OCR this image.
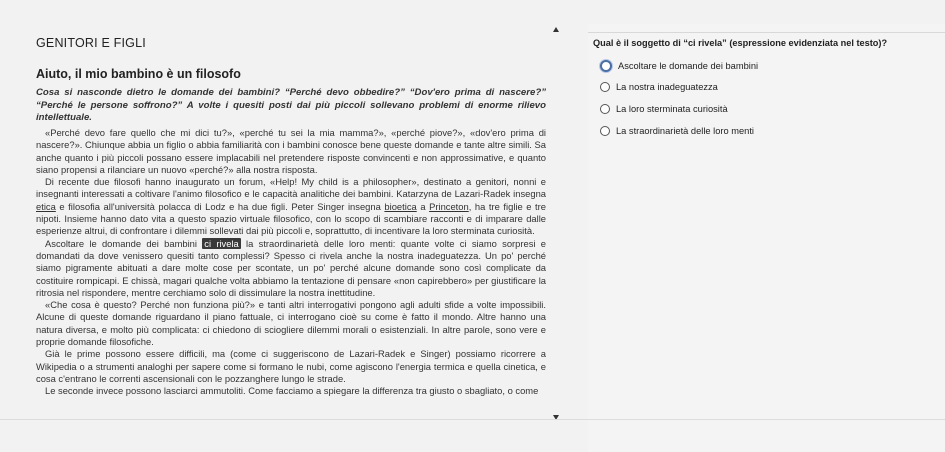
GENITORI E FIGLI
Aiuto, il mio bambino è un filosofo
Cosa si nasconde dietro le domande dei bambini? “Perché devo obbedire?” “Dov'ero prima di nascere?” “Perché le persone soffrono?” A volte i quesiti posti dai più piccoli sollevano problemi di enorme rilievo intellettuale.

«Perché devo fare quello che mi dici tu?», «perché tu sei la mia mamma?», «perché piove?», «dov'ero prima di nascere?». Chiunque abbia un figlio o abbia familiarità con i bambini conosce bene queste domande e tante altre simili. Sa anche quanto i più piccoli possano essere implacabili nel pretendere risposte convincenti e non approssimative, e quanto siano propensi a rilanciare un nuovo «perché?» alla nostra risposta.

Di recente due filosofi hanno inaugurato un forum, «Help! My child is a philosopher», destinato a genitori, nonni e insegnanti interessati a coltivare l'animo filosofico e le capacità analitiche dei bambini. Katarzyna de Lazari-Radek insegna etica e filosofia all'università polacca di Lodz e ha due figli. Peter Singer insegna bioetica a Princeton, ha tre figlie e tre nipoti. Insieme hanno dato vita a questo spazio virtuale filosofico, con lo scopo di scambiare racconti e di imparare dalle esperienze altrui, di confrontare i dilemmi sollevati dai più piccoli e, soprattutto, di incentivare la loro sterminata curiosità.

Ascoltare le domande dei bambini ci rivela la straordinarietà delle loro menti: quante volte ci siamo sorpresi e domandati da dove venissero quesiti tanto complessi? Spesso ci rivela anche la nostra inadeguatezza. Un po' perché siamo pigramente abituati a dare molte cose per scontate, un po' perché alcune domande sono così complicate da costituire rompicapi. E chissà, magari qualche volta abbiamo la tentazione di pensare «non capirebbero» per giustificare la ritrosia nel rispondere, mentre cerchiamo solo di dissimulare la nostra inettitudine.

«Che cosa è questo? Perché non funziona più?» e tanti altri interrogativi pongono agli adulti sfide a volte impossibili. Alcune di queste domande riguardano il piano fattuale, ci interrogano cioè su come è fatto il mondo. Altre hanno una natura diversa, e molto più complicata: ci chiedono di sciogliere dilemmi morali o esistenziali. In altre parole, sono vere e proprie domande filosofiche.

Già le prime possono essere difficili, ma (come ci suggeriscono de Lazari-Radek e Singer) possiamo ricorrere a Wikipedia o a strumenti analoghi per sapere come si formano le nubi, come agiscono l'energia termica e quella cinetica, e cosa c'entrano le correnti ascensionali con le pozzanghere lungo le strade.

Le seconde invece possono lasciarci ammutoliti. Come facciamo a spiegare la differenza tra giusto o sbagliato, o come

Qual è il soggetto di “ci rivela” (espressione evidenziata nel testo)?
Ascoltare le domande dei bambini
La nostra inadeguatezza
La loro sterminata curiosità
La straordinarietà delle loro menti
